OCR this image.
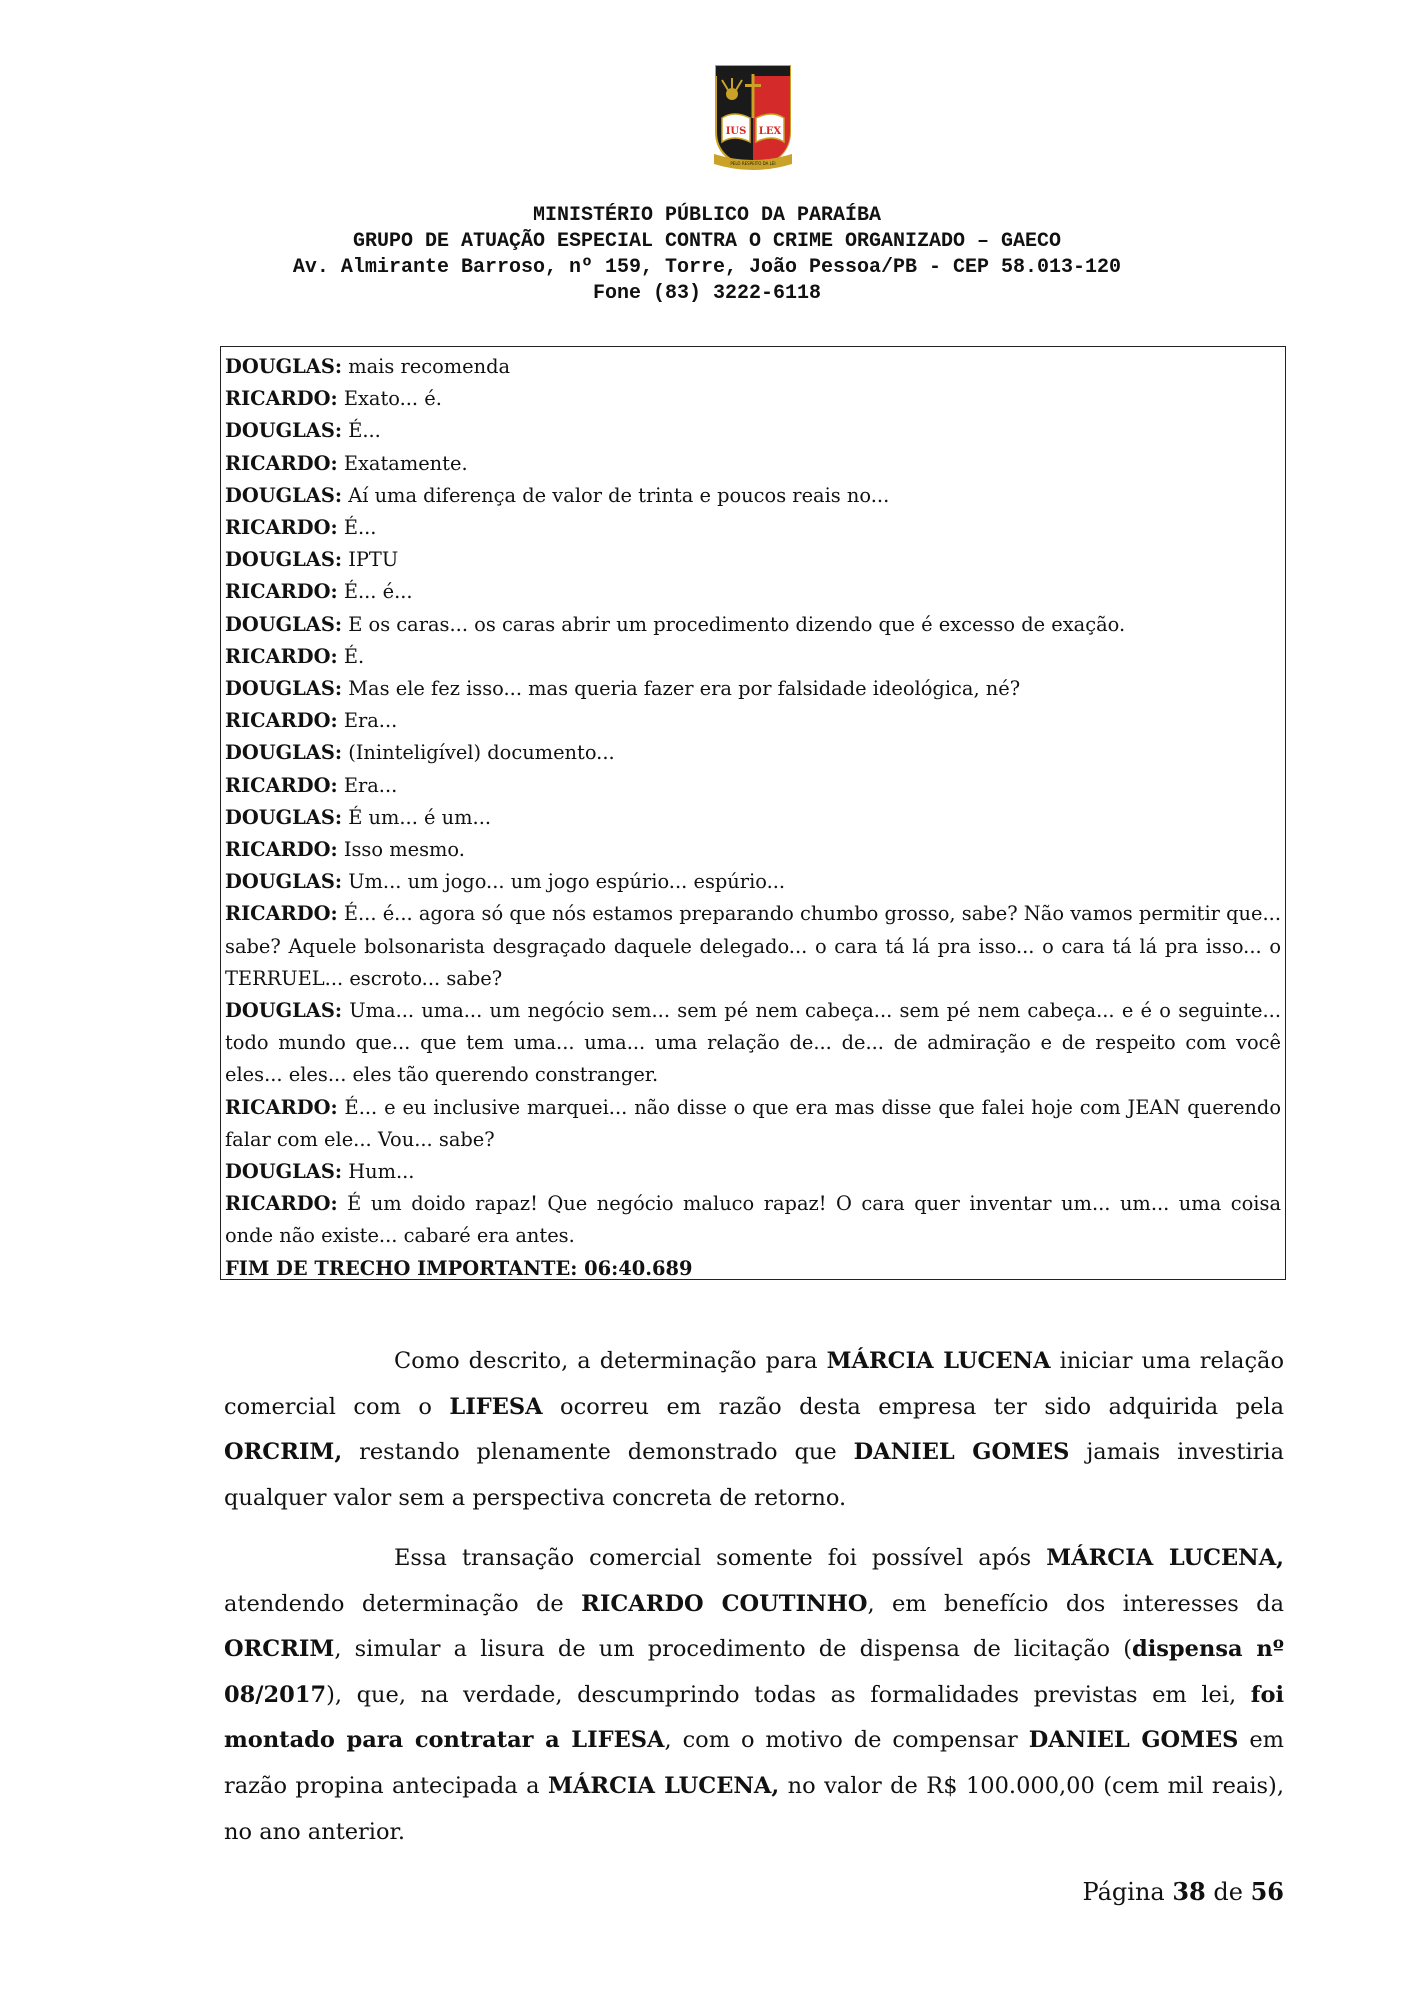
IUS LEX
PELO RESPEITO DA LEI
MINISTÉRIO PÚBLICO DA PARAÍBA
GRUPO DE ATUAÇÃO ESPECIAL CONTRA O CRIME ORGANIZADO – GAECO
Av. Almirante Barroso, nº 159, Torre, João Pessoa/PB - CEP 58.013-120
Fone (83) 3222-6118
DOUGLAS: mais recomenda
RICARDO: Exato... é.
DOUGLAS: É...
RICARDO: Exatamente.
DOUGLAS: Aí uma diferença de valor de trinta e poucos reais no...
RICARDO: É...
DOUGLAS: IPTU
RICARDO: É... é...
DOUGLAS: E os caras... os caras abrir um procedimento dizendo que é excesso de exação.
RICARDO: É.
DOUGLAS: Mas ele fez isso... mas queria fazer era por falsidade ideológica, né?
RICARDO: Era...
DOUGLAS: (Ininteligível) documento...
RICARDO: Era...
DOUGLAS: É um... é um...
RICARDO: Isso mesmo.
DOUGLAS: Um... um jogo... um jogo espúrio... espúrio...
RICARDO: É... é... agora só que nós estamos preparando chumbo grosso, sabe? Não vamos permitir que... sabe? Aquele bolsonarista desgraçado daquele delegado... o cara tá lá pra isso... o cara tá lá pra isso... o TERRUEL... escroto... sabe?
DOUGLAS: Uma... uma... um negócio sem... sem pé nem cabeça... sem pé nem cabeça... e é o seguinte... todo mundo que... que tem uma... uma... uma relação de... de... de admiração e de respeito com você eles... eles... eles tão querendo constranger.
RICARDO: É... e eu inclusive marquei... não disse o que era mas disse que falei hoje com JEAN querendo falar com ele... Vou... sabe?
DOUGLAS: Hum...
RICARDO: É um doido rapaz! Que negócio maluco rapaz! O cara quer inventar um... um... uma coisa onde não existe... cabaré era antes.
FIM DE TRECHO IMPORTANTE: 06:40.689

Como descrito, a determinação para MÁRCIA LUCENA iniciar uma relação comercial com o LIFESA ocorreu em razão desta empresa ter sido adquirida pela ORCRIM, restando plenamente demonstrado que DANIEL GOMES jamais investiria qualquer valor sem a perspectiva concreta de retorno.

Essa transação comercial somente foi possível após MÁRCIA LUCENA, atendendo determinação de RICARDO COUTINHO, em benefício dos interesses da ORCRIM, simular a lisura de um procedimento de dispensa de licitação (dispensa nº 08/2017), que, na verdade, descumprindo todas as formalidades previstas em lei, foi montado para contratar a LIFESA, com o motivo de compensar DANIEL GOMES em razão propina antecipada a MÁRCIA LUCENA, no valor de R$ 100.000,00 (cem mil reais), no ano anterior.

Página 38 de 56
